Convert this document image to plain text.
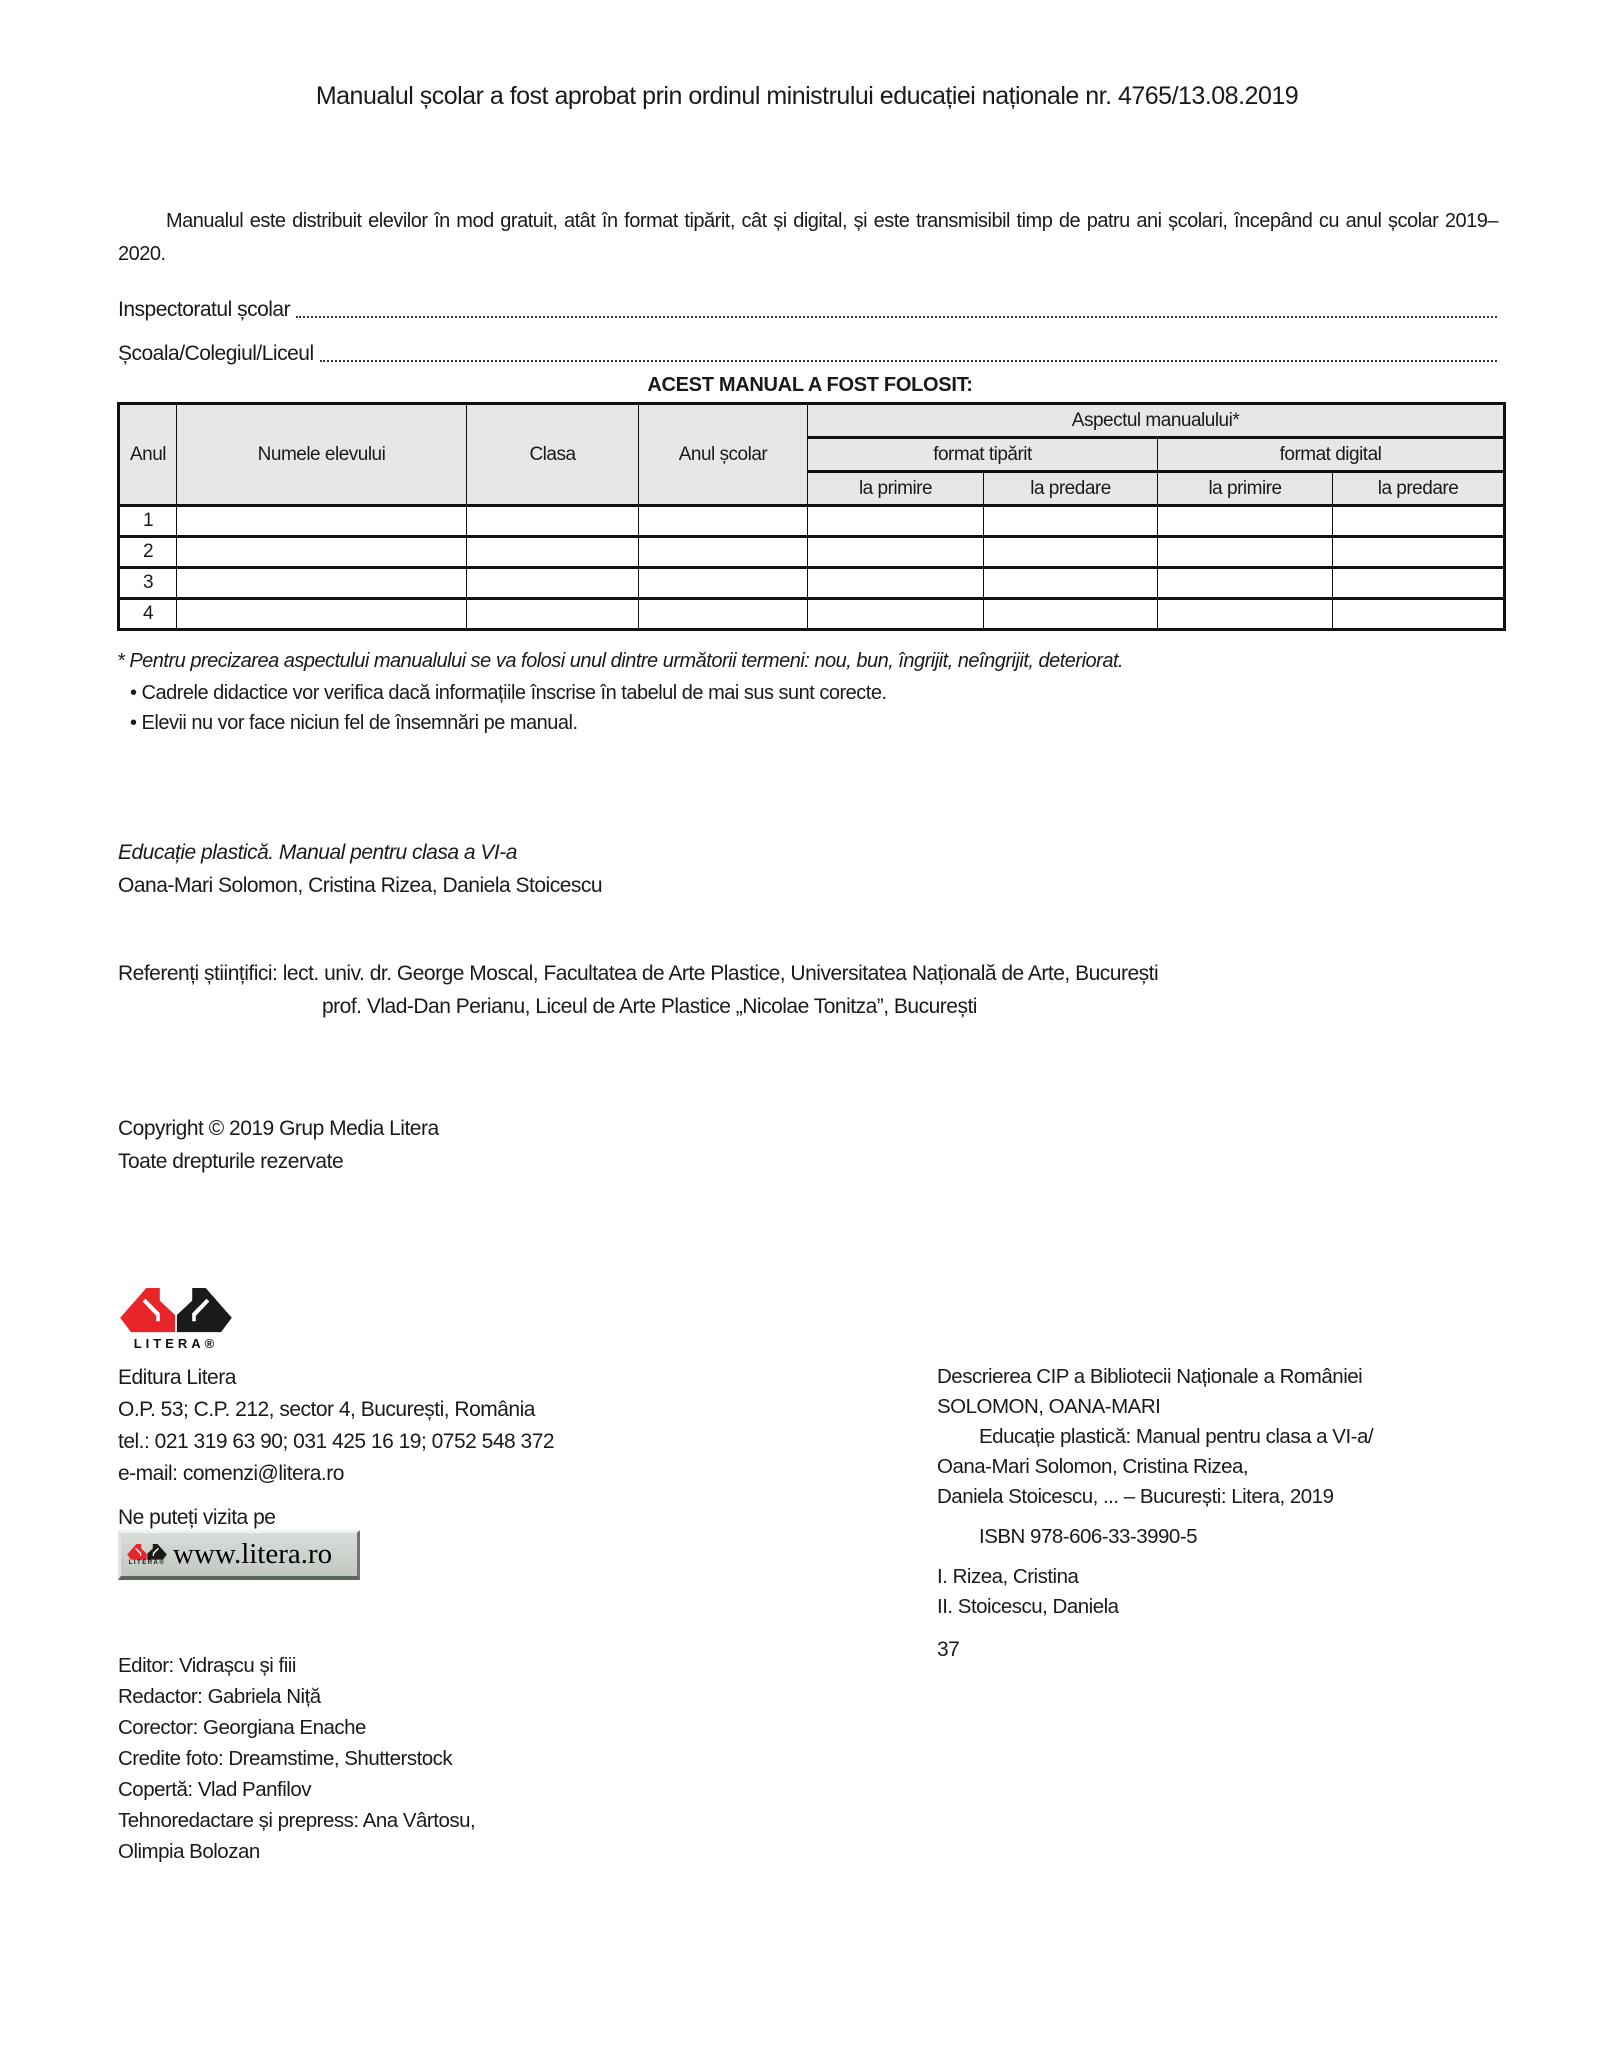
Manualul școlar a fost aprobat prin ordinul ministrului educației naționale nr. 4765/13.08.2019
Manualul este distribuit elevilor în mod gratuit, atât în format tipărit, cât și digital, și este transmisibil timp de patru ani școlari, începând cu anul școlar 2019–2020.
Inspectoratul școlar
Școala/Colegiul/Liceul
ACEST MANUAL A FOST FOLOSIT:
Anul	Numele elevului	Clasa	Anul școlar	Aspectul manualului*			
				format tipărit		format digital	
				la primire	la predare	la primire	la predare
1							
2							
3							
4							
* Pentru precizarea aspectului manualului se va folosi unul dintre următorii termeni: nou, bun, îngrijit, neîngrijit, deteriorat.
• Cadrele didactice vor verifica dacă informațiile înscrise în tabelul de mai sus sunt corecte.
• Elevii nu vor face niciun fel de însemnări pe manual.
Educație plastică. Manual pentru clasa a VI-a
Oana-Mari Solomon, Cristina Rizea, Daniela Stoicescu
Referenți științifici: lect. univ. dr. George Moscal, Facultatea de Arte Plastice, Universitatea Națională de Arte, București
prof. Vlad-Dan Perianu, Liceul de Arte Plastice „Nicolae Tonitza”, București
Copyright © 2019 Grup Media Litera
Toate drepturile rezervate
LITERA®
Editura Litera
O.P. 53; C.P. 212, sector 4, București, România
tel.: 021 319 63 90; 031 425 16 19; 0752 548 372
e-mail: comenzi@litera.ro
Ne puteți vizita pe
LITERA® www.litera.ro
Descrierea CIP a Bibliotecii Naționale a României
SOLOMON, OANA-MARI
Educație plastică: Manual pentru clasa a VI-a/
Oana-Mari Solomon, Cristina Rizea,
Daniela Stoicescu, ... – București: Litera, 2019
ISBN 978-606-33-3990-5
I. Rizea, Cristina
II. Stoicescu, Daniela
37
Editor: Vidrașcu și fiii
Redactor: Gabriela Niță
Corector: Georgiana Enache
Credite foto: Dreamstime, Shutterstock
Copertă: Vlad Panfilov
Tehnoredactare și prepress: Ana Vârtosu,
Olimpia Bolozan
